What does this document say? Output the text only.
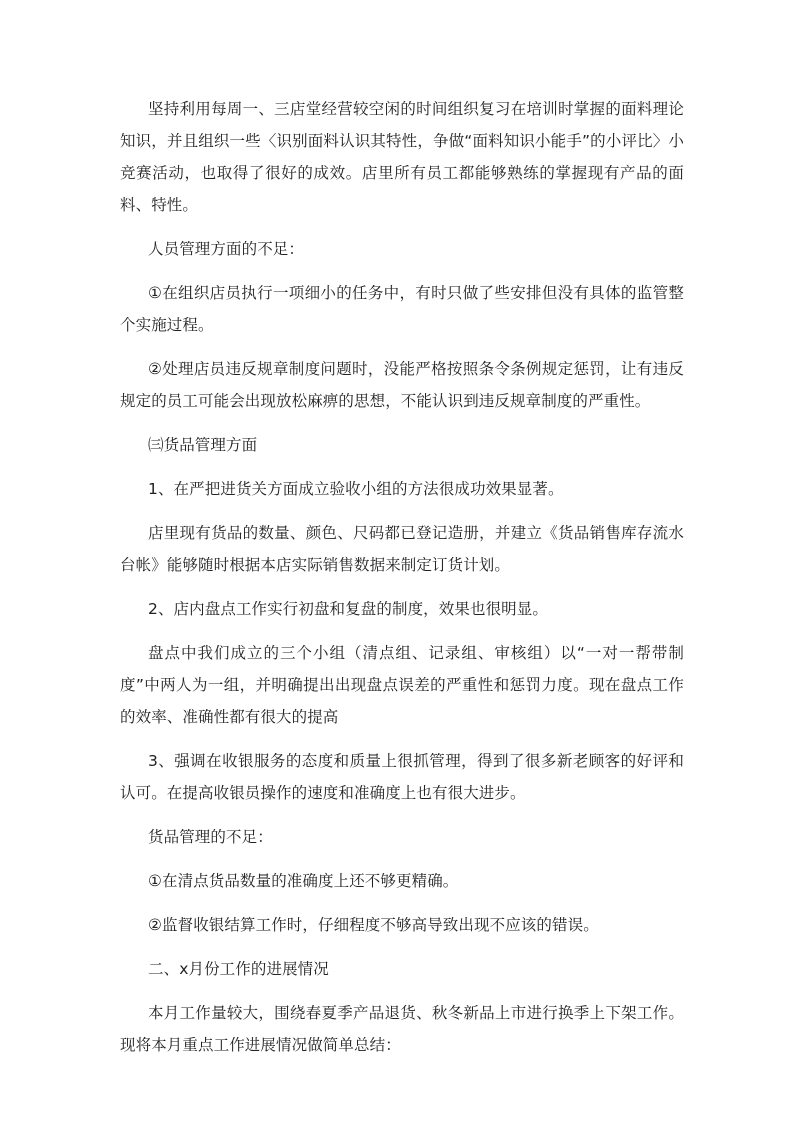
坚持利用每周一、三店堂经营较空闲的时间组织复习在培训时掌握的面料理论知识，并且组织一些〈识别面料认识其特性，争做“面料知识小能手”的小评比〉小竞赛活动，也取得了很好的成效。店里所有员工都能够熟练的掌握现有产品的面料、特性。

人员管理方面的不足：

①在组织店员执行一项细小的任务中，有时只做了些安排但没有具体的监管整个实施过程。

②处理店员违反规章制度问题时，没能严格按照条令条例规定惩罚，让有违反规定的员工可能会出现放松麻痹的思想，不能认识到违反规章制度的严重性。

㈢货品管理方面

1、在严把进货关方面成立验收小组的方法很成功效果显著。

店里现有货品的数量、颜色、尺码都已登记造册，并建立《货品销售库存流水台帐》能够随时根据本店实际销售数据来制定订货计划。

2、店内盘点工作实行初盘和复盘的制度，效果也很明显。

盘点中我们成立的三个小组（清点组、记录组、审核组）以“一对一帮带制度”中两人为一组，并明确提出出现盘点误差的严重性和惩罚力度。现在盘点工作的效率、准确性都有很大的提高

3、强调在收银服务的态度和质量上很抓管理，得到了很多新老顾客的好评和认可。在提高收银员操作的速度和准确度上也有很大进步。

货品管理的不足：

①在清点货品数量的准确度上还不够更精确。

②监督收银结算工作时，仔细程度不够高导致出现不应该的错误。

二、x月份工作的进展情况

本月工作量较大，围绕春夏季产品退货、秋冬新品上市进行换季上下架工作。现将本月重点工作进展情况做简单总结：
